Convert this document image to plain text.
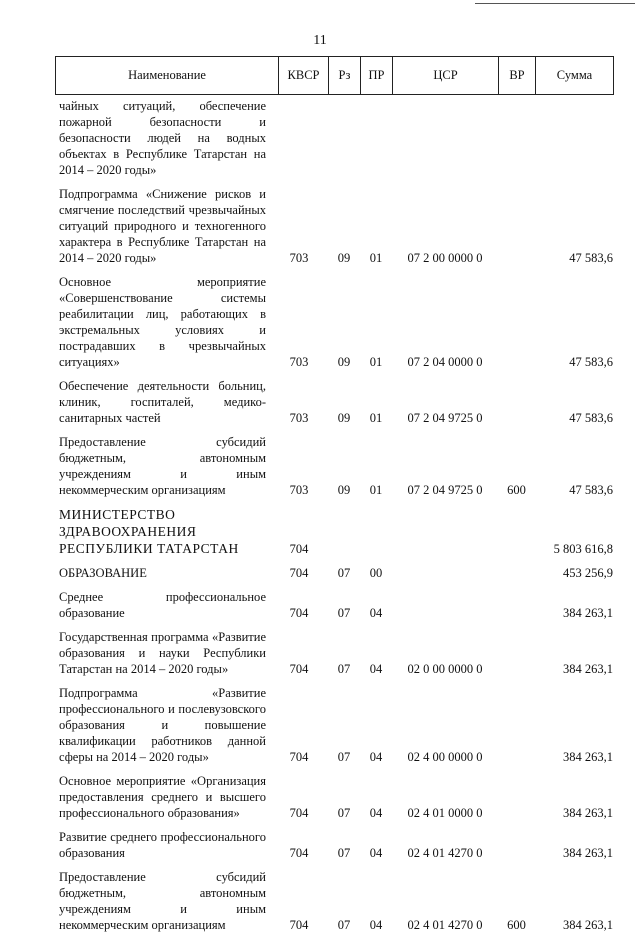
11
Наименование	КВСР	Рз	ПР	ЦСР	ВР	Сумма
чайных ситуаций, обеспечение пожарной безопасности и безопасности людей на водных объектах в Республике Татарстан на 2014 – 2020 годы»						
Подпрограмма «Снижение рисков и смягчение последствий чрезвычайных ситуаций природного и техногенного характера в Республике Татарстан на 2014 – 2020 годы»	703	09	01	07 2 00 0000 0		47 583,6
Основное мероприятие «Совершенствование системы реабилитации лиц, работающих в экстремальных условиях и пострадавших в чрезвычайных ситуациях»	703	09	01	07 2 04 0000 0		47 583,6
Обеспечение деятельности больниц, клиник, госпиталей, медико-санитарных частей	703	09	01	07 2 04 9725 0		47 583,6
Предоставление субсидий бюджетным, автономным учреждениям и иным некоммерческим организациям	703	09	01	07 2 04 9725 0	600	47 583,6
МИНИСТЕРСТВО ЗДРАВООХРАНЕНИЯ РЕСПУБЛИКИ ТАТАРСТАН	704					5 803 616,8
ОБРАЗОВАНИЕ	704	07	00			453 256,9
Среднее профессиональное образование	704	07	04			384 263,1
Государственная программа «Развитие образования и науки Республики Татарстан на 2014 – 2020 годы»	704	07	04	02 0 00 0000 0		384 263,1
Подпрограмма «Развитие профессионального и послевузовского образования и повышение квалификации работников данной сферы на 2014 – 2020 годы»	704	07	04	02 4 00 0000 0		384 263,1
Основное мероприятие «Организация предоставления среднего и высшего профессионального образования»	704	07	04	02 4 01 0000 0		384 263,1
Развитие среднего профессионального образования	704	07	04	02 4 01 4270 0		384 263,1
Предоставление субсидий бюджетным, автономным учреждениям и иным некоммерческим организациям	704	07	04	02 4 01 4270 0	600	384 263,1
